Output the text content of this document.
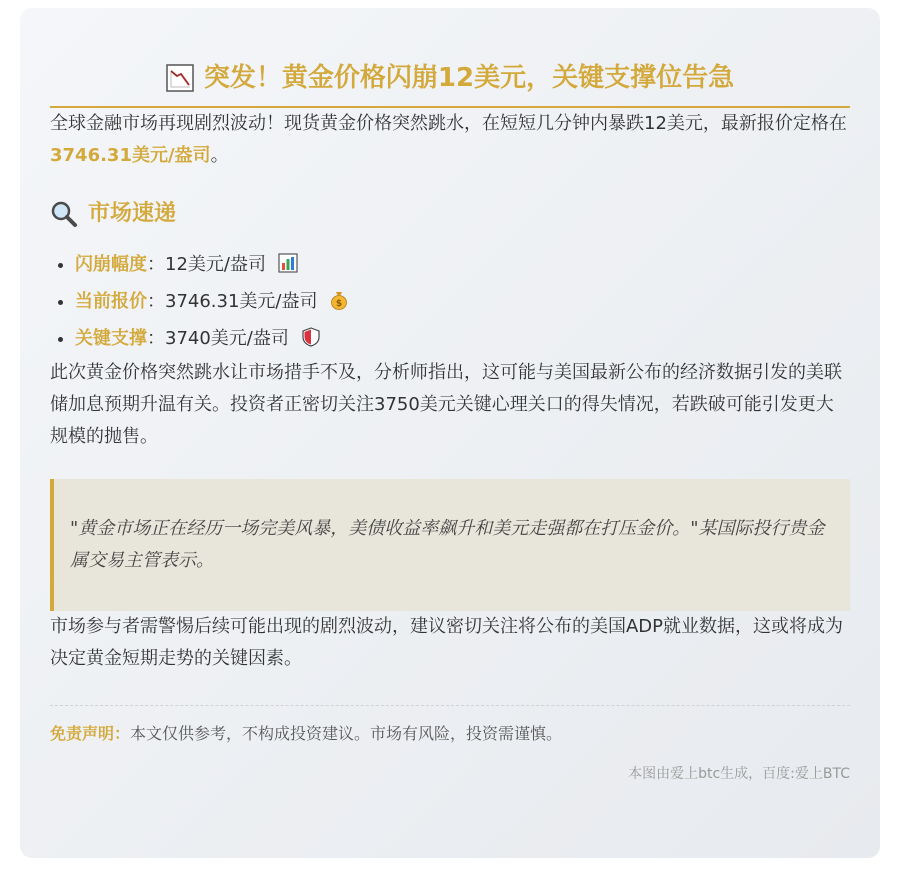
突发！黄金价格闪崩12美元，关键支撑位告急

全球金融市场再现剧烈波动！现货黄金价格突然跳水，在短短几分钟内暴跌12美元，最新报价定格在3746.31美元/盎司。

市场速递
• 闪崩幅度：12美元/盎司
• 当前报价：3746.31美元/盎司 $
• 关键支撑：3740美元/盎司

此次黄金价格突然跳水让市场措手不及，分析师指出，这可能与美国最新公布的经济数据引发的美联储加息预期升温有关。投资者正密切关注3750美元关键心理关口的得失情况，若跌破可能引发更大规模的抛售。

"黄金市场正在经历一场完美风暴，美债收益率飙升和美元走强都在打压金价。"某国际投行贵金属交易主管表示。

市场参与者需警惕后续可能出现的剧烈波动，建议密切关注将公布的美国ADP就业数据，这或将成为决定黄金短期走势的关键因素。

免责声明：本文仅供参考，不构成投资建议。市场有风险，投资需谨慎。
本图由爱上btc生成，百度:爱上BTC
